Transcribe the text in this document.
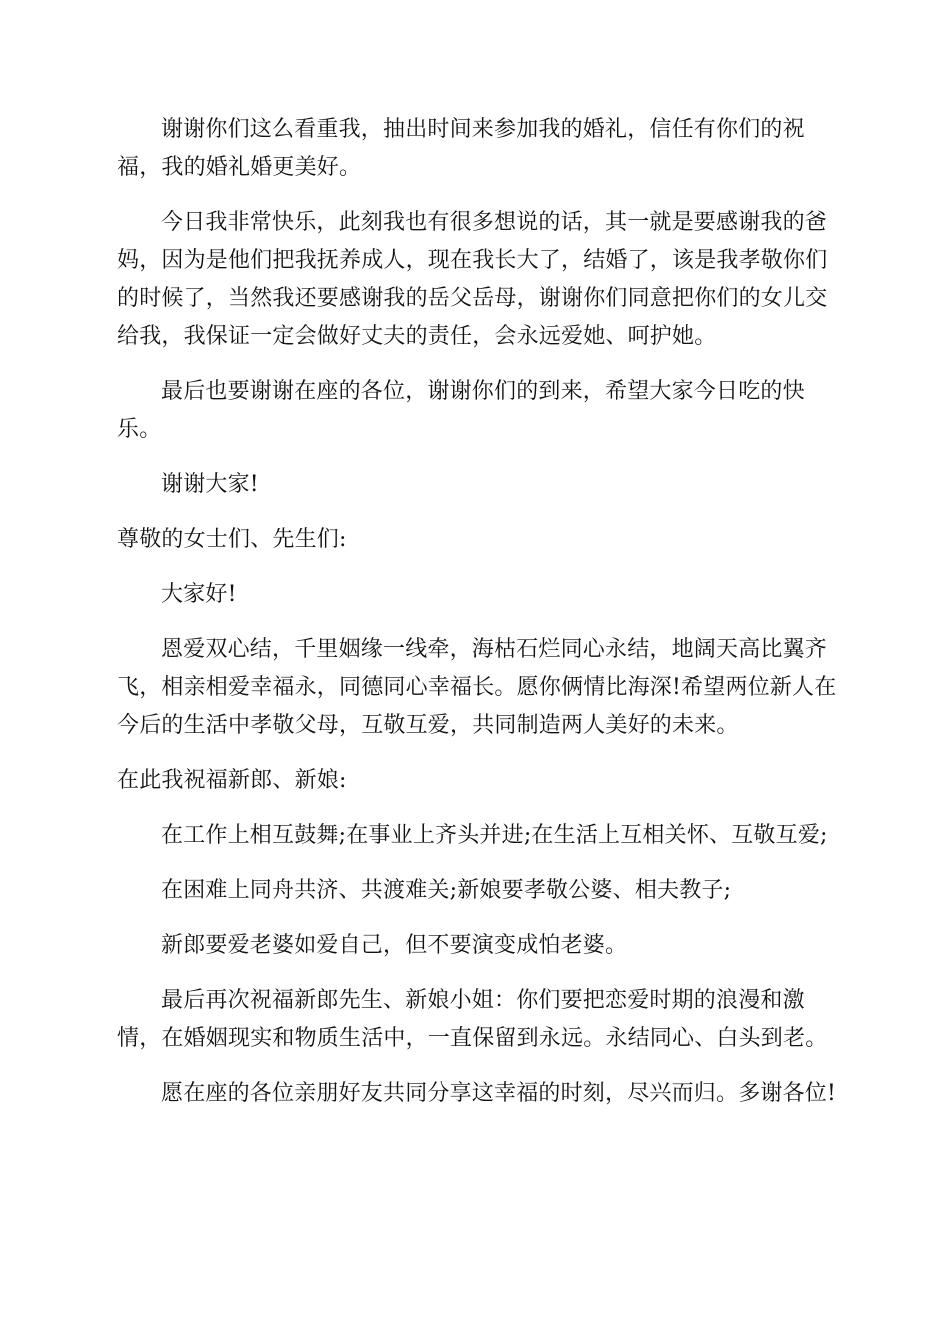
谢谢你们这么看重我，抽出时间来参加我的婚礼，信任有你们的祝福，我的婚礼婚更美好。

今日我非常快乐，此刻我也有很多想说的话，其一就是要感谢我的爸妈，因为是他们把我抚养成人，现在我长大了，结婚了，该是我孝敬你们的时候了，当然我还要感谢我的岳父岳母，谢谢你们同意把你们的女儿交给我，我保证一定会做好丈夫的责任，会永远爱她、呵护她。

最后也要谢谢在座的各位，谢谢你们的到来，希望大家今日吃的快乐。

谢谢大家!

尊敬的女士们、先生们:

大家好!

恩爱双心结，千里姻缘一线牵，海枯石烂同心永结，地阔天高比翼齐飞，相亲相爱幸福永，同德同心幸福长。愿你俩情比海深!希望两位新人在今后的生活中孝敬父母，互敬互爱，共同制造两人美好的未来。

在此我祝福新郎、新娘:

在工作上相互鼓舞;在事业上齐头并进;在生活上互相关怀、互敬互爱;

在困难上同舟共济、共渡难关;新娘要孝敬公婆、相夫教子;

新郎要爱老婆如爱自己，但不要演变成怕老婆。

最后再次祝福新郎先生、新娘小姐：你们要把恋爱时期的浪漫和激情，在婚姻现实和物质生活中，一直保留到永远。永结同心、白头到老。

愿在座的各位亲朋好友共同分享这幸福的时刻，尽兴而归。多谢各位!
